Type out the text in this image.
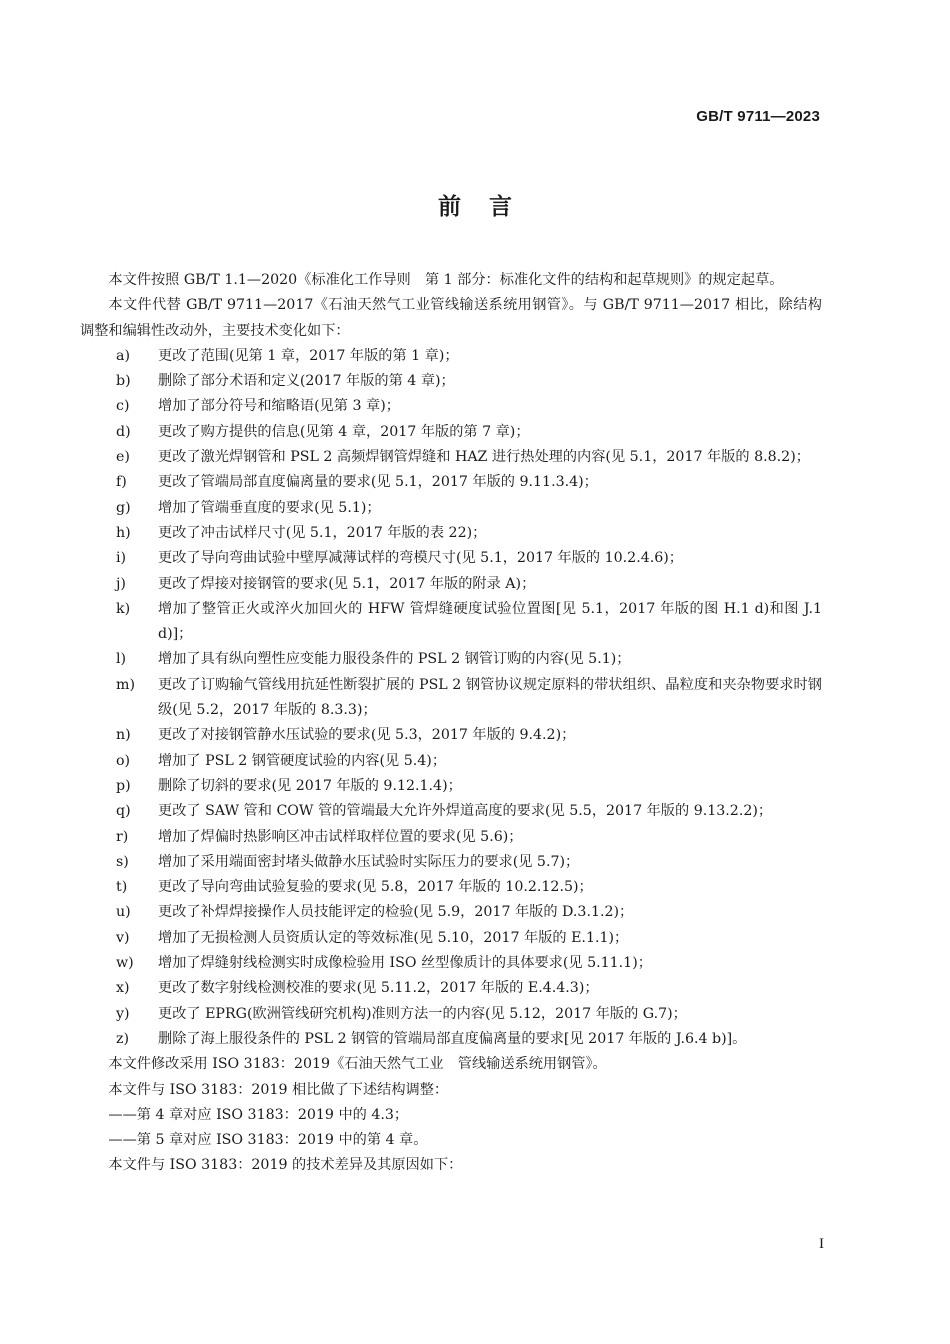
GB/T 9711—2023
前言

本文件按照 GB/T 1.1—2020《标准化工作导则　第 1 部分：标准化文件的结构和起草规则》的规定起草。

本文件代替 GB/T 9711—2017《石油天然气工业管线输送系统用钢管》。与 GB/T 9711—2017 相比，除结构调整和编辑性改动外，主要技术变化如下：

a)	更改了范围(见第 1 章，2017 年版的第 1 章)；
b)	删除了部分术语和定义(2017 年版的第 4 章)；
c)	增加了部分符号和缩略语(见第 3 章)；
d)	更改了购方提供的信息(见第 4 章，2017 年版的第 7 章)；
e)	更改了激光焊钢管和 PSL 2 高频焊钢管焊缝和 HAZ 进行热处理的内容(见 5.1，2017 年版的 8.8.2)；
f)	更改了管端局部直度偏离量的要求(见 5.1，2017 年版的 9.11.3.4)；
g)	增加了管端垂直度的要求(见 5.1)；
h)	更改了冲击试样尺寸(见 5.1，2017 年版的表 22)；
i)	更改了导向弯曲试验中壁厚减薄试样的弯模尺寸(见 5.1，2017 年版的 10.2.4.6)；
j)	更改了焊接对接钢管的要求(见 5.1，2017 年版的附录 A)；
k)	增加了整管正火或淬火加回火的 HFW 管焊缝硬度试验位置图[见 5.1，2017 年版的图 H.1 d)和图 J.1 d)]；
l)	增加了具有纵向塑性应变能力服役条件的 PSL 2 钢管订购的内容(见 5.1)；
m)	更改了订购输气管线用抗延性断裂扩展的 PSL 2 钢管协议规定原料的带状组织、晶粒度和夹杂物要求时钢级(见 5.2，2017 年版的 8.3.3)；
n)	更改了对接钢管静水压试验的要求(见 5.3，2017 年版的 9.4.2)；
o)	增加了 PSL 2 钢管硬度试验的内容(见 5.4)；
p)	删除了切斜的要求(见 2017 年版的 9.12.1.4)；
q)	更改了 SAW 管和 COW 管的管端最大允许外焊道高度的要求(见 5.5，2017 年版的 9.13.2.2)；
r)	增加了焊偏时热影响区冲击试样取样位置的要求(见 5.6)；
s)	增加了采用端面密封堵头做静水压试验时实际压力的要求(见 5.7)；
t)	更改了导向弯曲试验复验的要求(见 5.8，2017 年版的 10.2.12.5)；
u)	更改了补焊焊接操作人员技能评定的检验(见 5.9，2017 年版的 D.3.1.2)；
v)	增加了无损检测人员资质认定的等效标准(见 5.10，2017 年版的 E.1.1)；
w)	增加了焊缝射线检测实时成像检验用 ISO 丝型像质计的具体要求(见 5.11.1)；
x)	更改了数字射线检测校准的要求(见 5.11.2，2017 年版的 E.4.4.3)；
y)	更改了 EPRG(欧洲管线研究机构)准则方法一的内容(见 5.12，2017 年版的 G.7)；
z)	删除了海上服役条件的 PSL 2 钢管的管端局部直度偏离量的要求[见 2017 年版的 J.6.4 b)]。

本文件修改采用 ISO 3183：2019《石油天然气工业　管线输送系统用钢管》。

本文件与 ISO 3183：2019 相比做了下述结构调整：

——第 4 章对应 ISO 3183：2019 中的 4.3；

——第 5 章对应 ISO 3183：2019 中的第 4 章。

本文件与 ISO 3183：2019 的技术差异及其原因如下：

I
